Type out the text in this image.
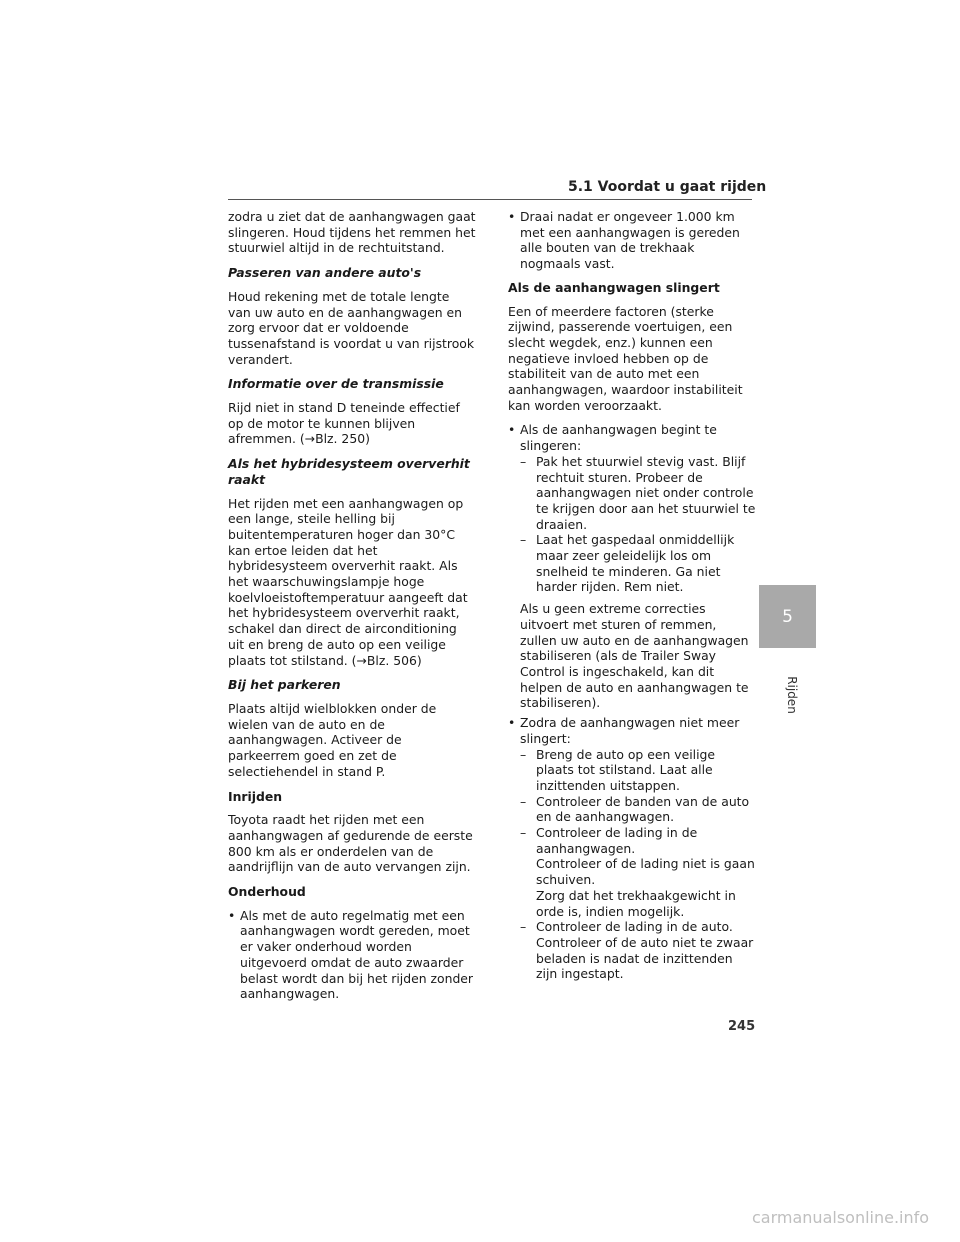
5.1 Voordat u gaat rijden

zodra u ziet dat de aanhangwagen gaat slingeren. Houd tijdens het remmen het stuurwiel altijd in de rechtuitstand.

Passeren van andere auto's

Houd rekening met de totale lengte van uw auto en de aanhangwagen en zorg ervoor dat er voldoende tussenafstand is voordat u van rijstrook verandert.

Informatie over de transmissie

Rijd niet in stand D teneinde effectief op de motor te kunnen blijven afremmen. (→Blz. 250)

Als het hybridesysteem oververhit raakt

Het rijden met een aanhangwagen op een lange, steile helling bij buitentemperaturen hoger dan 30°C kan ertoe leiden dat het hybridesysteem oververhit raakt. Als het waarschuwingslampje hoge koelvloeistoftemperatuur aangeeft dat het hybridesysteem oververhit raakt, schakel dan direct de airconditioning uit en breng de auto op een veilige plaats tot stilstand. (→Blz. 506)

Bij het parkeren

Plaats altijd wielblokken onder de wielen van de auto en de aanhangwagen. Activeer de parkeerrem goed en zet de selectiehendel in stand P.

Inrijden

Toyota raadt het rijden met een aanhangwagen af gedurende de eerste 800 km als er onderdelen van de aandrijflijn van de auto vervangen zijn.

Onderhoud

• Als met de auto regelmatig met een aanhangwagen wordt gereden, moet er vaker onderhoud worden uitgevoerd omdat de auto zwaarder belast wordt dan bij het rijden zonder aanhangwagen.
• Draai nadat er ongeveer 1.000 km met een aanhangwagen is gereden alle bouten van de trekhaak nogmaals vast.

Als de aanhangwagen slingert

Een of meerdere factoren (sterke zijwind, passerende voertuigen, een slecht wegdek, enz.) kunnen een negatieve invloed hebben op de stabiliteit van de auto met een aanhangwagen, waardoor instabiliteit kan worden veroorzaakt.

• Als de aanhangwagen begint te slingeren:
– Pak het stuurwiel stevig vast. Blijf rechtuit sturen. Probeer de aanhangwagen niet onder controle te krijgen door aan het stuurwiel te draaien.
– Laat het gaspedaal onmiddellijk maar zeer geleidelijk los om snelheid te minderen. Ga niet harder rijden. Rem niet.

Als u geen extreme correcties uitvoert met sturen of remmen, zullen uw auto en de aanhangwagen stabiliseren (als de Trailer Sway Control is ingeschakeld, kan dit helpen de auto en aanhangwagen te stabiliseren).

• Zodra de aanhangwagen niet meer slingert:
– Breng de auto op een veilige plaats tot stilstand. Laat alle inzittenden uitstappen.
– Controleer de banden van de auto en de aanhangwagen.
– Controleer de lading in de aanhangwagen.
Controleer of de lading niet is gaan schuiven.
Zorg dat het trekhaakgewicht in orde is, indien mogelijk.
– Controleer de lading in de auto.
Controleer of de auto niet te zwaar beladen is nadat de inzittenden zijn ingestapt.
5
Rijden
245
carmanualsonline.info
